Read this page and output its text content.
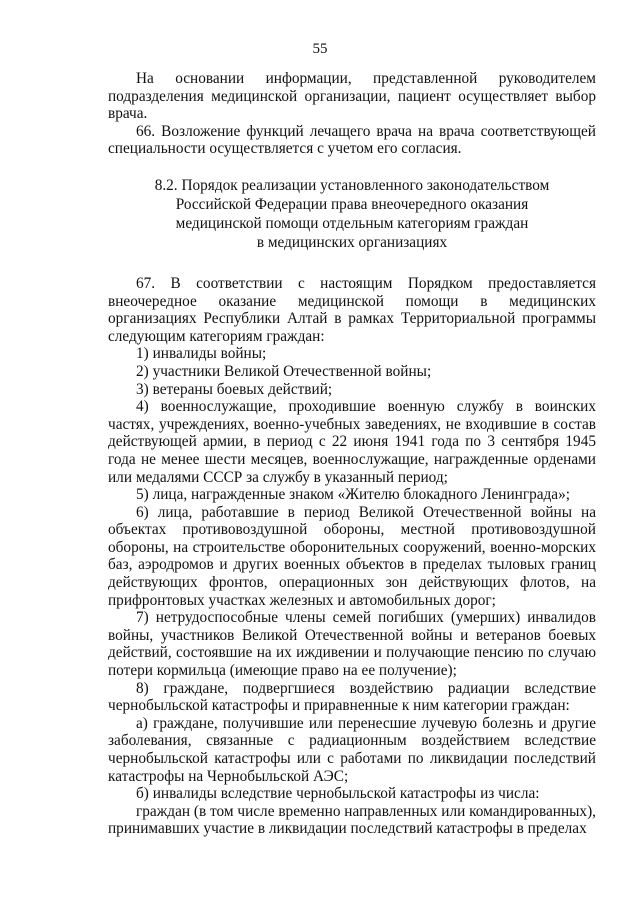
55

На основании информации, представленной руководителем подразделения медицинской организации, пациент осуществляет выбор врача.

66. Возложение функций лечащего врача на врача соответствующей специальности осуществляется с учетом его согласия.

8.2. Порядок реализации установленного законодательством
Российской Федерации права внеочередного оказания
медицинской помощи отдельным категориям граждан
в медицинских организациях

67. В соответствии с настоящим Порядком предоставляется внеочередное оказание медицинской помощи в медицинских организациях Республики Алтай в рамках Территориальной программы следующим категориям граждан:

1) инвалиды войны;

2) участники Великой Отечественной войны;

3) ветераны боевых действий;

4) военнослужащие, проходившие военную службу в воинских частях, учреждениях, военно-учебных заведениях, не входившие в состав действующей армии, в период с 22 июня 1941 года по 3 сентября 1945 года не менее шести месяцев, военнослужащие, награжденные орденами или медалями СССР за службу в указанный период;

5) лица, награжденные знаком «Жителю блокадного Ленинграда»;

6) лица, работавшие в период Великой Отечественной войны на объектах противовоздушной обороны, местной противовоздушной обороны, на строительстве оборонительных сооружений, военно-морских баз, аэродромов и других военных объектов в пределах тыловых границ действующих фронтов, операционных зон действующих флотов, на прифронтовых участках железных и автомобильных дорог;

7) нетрудоспособные члены семей погибших (умерших) инвалидов войны, участников Великой Отечественной войны и ветеранов боевых действий, состоявшие на их иждивении и получающие пенсию по случаю потери кормильца (имеющие право на ее получение);

8) граждане, подвергшиеся воздействию радиации вследствие чернобыльской катастрофы и приравненные к ним категории граждан:

а) граждане, получившие или перенесшие лучевую болезнь и другие заболевания, связанные с радиационным воздействием вследствие чернобыльской катастрофы или с работами по ликвидации последствий катастрофы на Чернобыльской АЭС;

б) инвалиды вследствие чернобыльской катастрофы из числа:

граждан (в том числе временно направленных или командированных), принимавших участие в ликвидации последствий катастрофы в пределах
